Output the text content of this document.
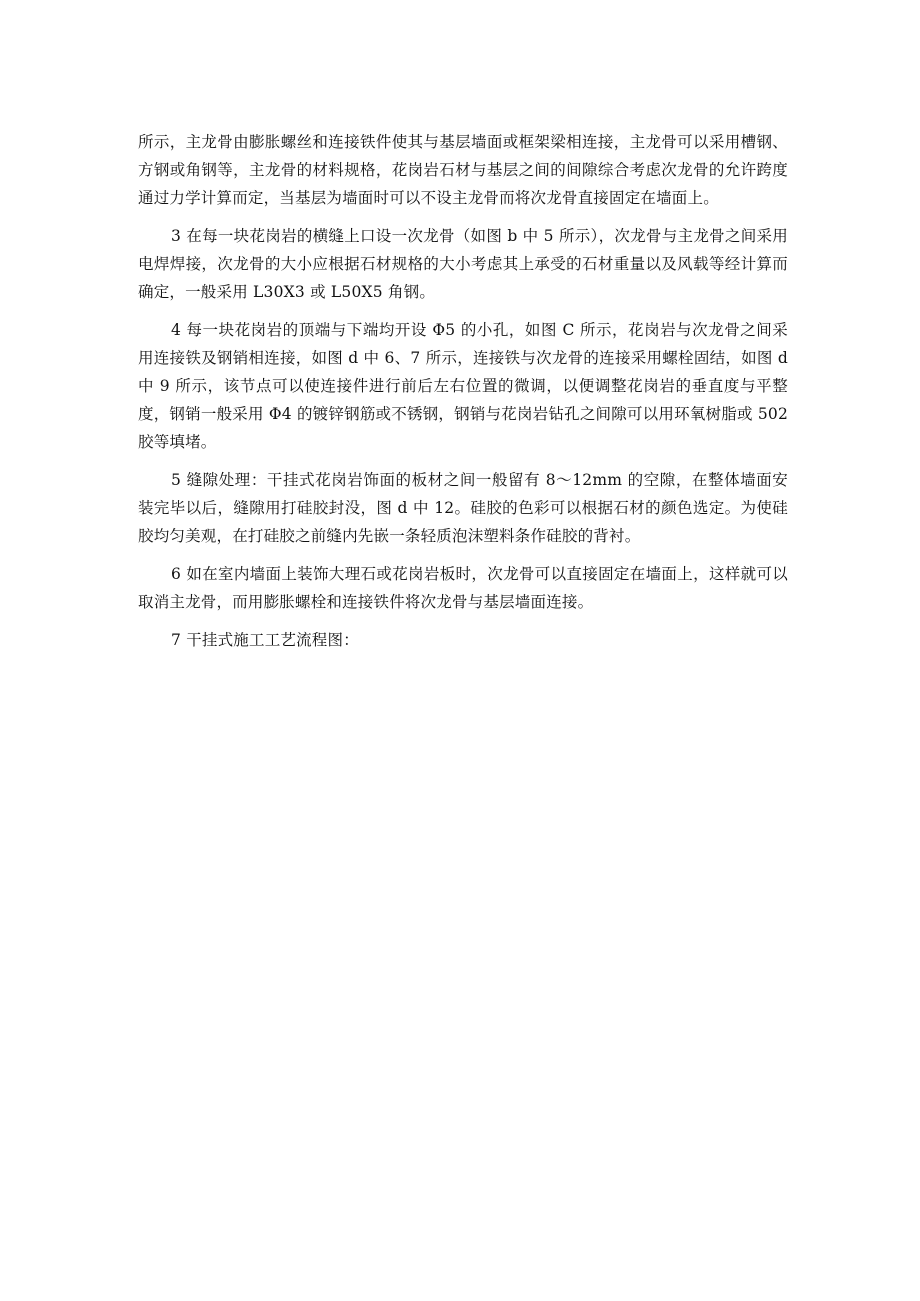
所示，主龙骨由膨胀螺丝和连接铁件使其与基层墙面或框架梁相连接，主龙骨可以采用槽钢、方钢或角钢等，主龙骨的材料规格，花岗岩石材与基层之间的间隙综合考虑次龙骨的允许跨度通过力学计算而定，当基层为墙面时可以不设主龙骨而将次龙骨直接固定在墙面上。

3 在每一块花岗岩的横缝上口设一次龙骨（如图 b 中 5 所示），次龙骨与主龙骨之间采用电焊焊接，次龙骨的大小应根据石材规格的大小考虑其上承受的石材重量以及风载等经计算而确定，一般采用 L30X3 或 L50X5 角钢。

4 每一块花岗岩的顶端与下端均开设 Φ5 的小孔，如图 C 所示，花岗岩与次龙骨之间采用连接铁及钢销相连接，如图 d 中 6、7 所示，连接铁与次龙骨的连接采用螺栓固结，如图 d 中 9 所示，该节点可以使连接件进行前后左右位置的微调，以便调整花岗岩的垂直度与平整度，钢销一般采用 Φ4 的镀锌钢筋或不锈钢，钢销与花岗岩钻孔之间隙可以用环氧树脂或 502 胶等填堵。

5 缝隙处理：干挂式花岗岩饰面的板材之间一般留有 8～12mm 的空隙，在整体墙面安装完毕以后，缝隙用打硅胶封没，图 d 中 12。硅胶的色彩可以根据石材的颜色选定。为使硅胶均匀美观，在打硅胶之前缝内先嵌一条轻质泡沫塑料条作硅胶的背衬。

6 如在室内墙面上装饰大理石或花岗岩板时，次龙骨可以直接固定在墙面上，这样就可以取消主龙骨，而用膨胀螺栓和连接铁件将次龙骨与基层墙面连接。

7 干挂式施工工艺流程图：
